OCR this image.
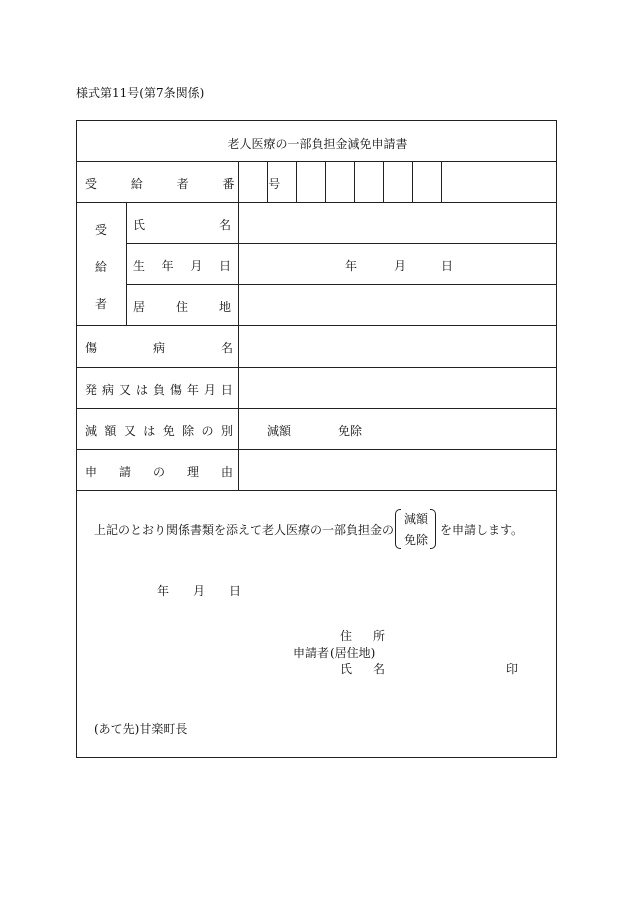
様式第11号(第7条関係)
老人医療の一部負担金減免申請書
受 給 者 番 号
受
給
者
氏	名
生 年 月 日	年	月	日
居	住	地
傷	病	名
発 病 又 は 負 傷 年 月 日
減 額 又 は 免 除 の 別	減額	免除
申 請 の 理 由
上記のとおり関係書類を添えて老人医療の一部負担金の
減額
免除
を申請します。
年 月 日
住 所
申請者 (居住地)
氏 名	印
(あて先)甘楽町長
